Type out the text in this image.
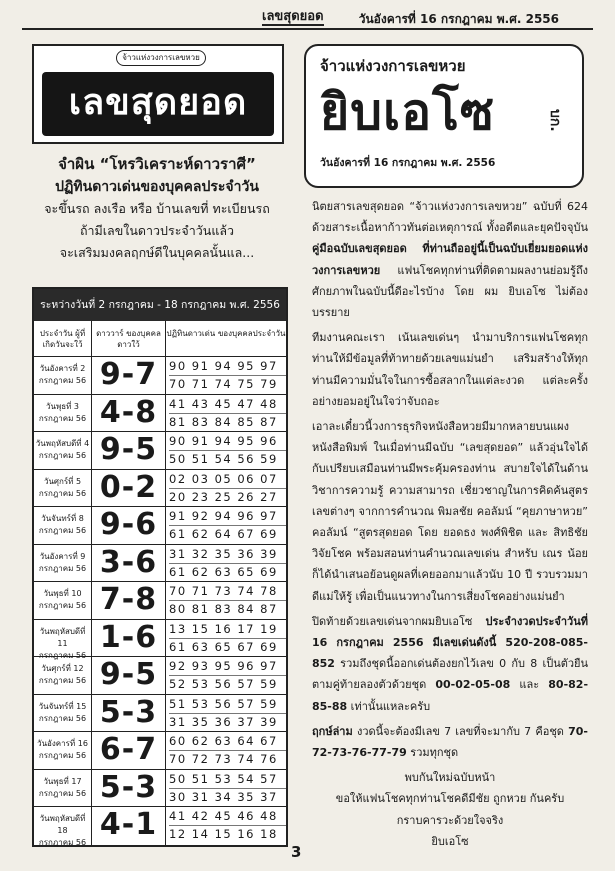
เลขสุดยอด	วันอังคารที่ 16 กรกฎาคม พ.ศ. 2556
จ้าวแห่งวงการเลขหวย
เลขสุดยอด
จำผิน “โหรวิเคราะห์ดาวราศี”
ปฏิทินดาวเด่นของบุคคลประจำวัน
จะขึ้นรถ ลงเรือ หรือ บ้านเลขที่ ทะเบียนรถ
ถ้ามีเลขในดาวประจำวันแล้ว
จะเสริมมงคลฤกษ์ดีในบุคคลนั้นแล...
ระหว่างวันที่ 2 กรกฎาคม - 18 กรกฎาคม พ.ศ. 2556
ประจำวัน ผู้ที่เกิดวันจะใว้
ดาววาร์ ของบุคคลดาวใว้
ปฏิทินดาวเด่น ของบุคคลประจำวัน
วันอังคารที่ 2
กรกฎาคม 56 9-7	90 91 94 95 97
70 71 74 75 79
วันพุธที่ 3
กรกฎาคม 56 4-8	41 43 45 47 48
81 83 84 85 87
วันพฤหัสบดีที่ 4
กรกฎาคม 56 9-5	90 91 94 95 96
50 51 54 56 59
วันศุกร์ที่ 5
กรกฎาคม 56 0-2	02 03 05 06 07
20 23 25 26 27
วันจันทร์ที่ 8
กรกฎาคม 56 9-6	91 92 94 96 97
61 62 64 67 69
วันอังคารที่ 9
กรกฎาคม 56 3-6	31 32 35 36 39
61 62 63 65 69
วันพุธที่ 10
กรกฎาคม 56 7-8	70 71 73 74 78
80 81 83 84 87
วันพฤหัสบดีที่ 11
กรกฎาคม 56
1-6	13 15 16 17 19
61 63 65 67 69
วันศุกร์ที่ 12
กรกฎาคม 56 9-5	92 93 95 96 97
52 53 56 57 59
วันจันทร์ที่ 15
กรกฎาคม 56 5-3	51 53 56 57 59
31 35 36 37 39
วันอังคารที่ 16
กรกฎาคม 56 6-7	60 62 63 64 67
70 72 73 74 76
วันพุธที่ 17
กรกฎาคม 56 5-3	50 51 53 54 57
30 31 34 35 37
วันพฤหัสบดีที่ 18
กรกฎาคม 56
4-1	41 42 45 46 48
12 14 15 16 18
จ้าวแห่งวงการเลขหวย
ยิบเอโซ	บก.
วันอังคารที่ 16 กรกฎาคม พ.ศ. 2556

นิตยสารเลขสุดยอด “จ้าวแห่งวงการเลขหวย” ฉบับที่ 624 ด้วยสาระเนื้อหาก้าวทันต่อเหตุการณ์ ทั้งอดีตและยุคปัจจุบัน คู่มือฉบับเลขสุดยอด ที่ท่านถืออยู่นี้เป็นฉบับเยี่ยมยอดแห่งวงการเลขหวย แฟนโชคทุกท่านที่ติดตามผลงานย่อมรู้ถึงศักยภาพในฉบับนี้ดีอะไรบ้าง โดย ผม ยิบเอโซ ไม่ต้องบรรยาย

ทีมงานคณะเรา เน้นเลขเด่นๆ นำมาบริการแฟนโชคทุกท่านให้มีข้อมูลที่ท้าทายด้วยเลขแม่นยำ เสริมสร้างให้ทุกท่านมีความมั่นใจในการซื้อสลากในแต่ละงวด แต่ละครั้งอย่างยอมอยู่ในใจว่าจับถอะ

เอาละเดี๋ยวนี้วงการธุรกิจหนังสือหวยมีมากหลายบนแผงหนังสือพิมพ์ ในเมื่อท่านมีฉบับ “เลขสุดยอด” แล้วอุ่นใจได้กับเปรียบเสมือนท่านมีพระคุ้มครองท่าน สบายใจได้ในด้านวิชาการความรู้ ความสามารถ เชี่ยวชาญในการคิดค้นสูตรเลขต่างๆ จากการคำนวณ พิมลชัย คอลัมน์ “คุยภาษาหวย” คอลัมน์ “สูตรสุดยอด โดย ยอดธง พงศ์พิชิต และ สิทธิชัย วิจัยโชค พร้อมสอนท่านคำนวณเลขเด่น สำหรับ เณร น้อย ก็ได้นำเสนอย้อนดูผลที่เคยออกมาแล้วนับ 10 ปี รวบรวมมาดีแม่ให้รู้ เพื่อเป็นแนวทางในการเสี่ยงโชคอย่างแม่นยำ

ปิดท้ายด้วยเลขเด่นจากผมยิบเอโซ ประจำงวดประจำวันที่ 16 กรกฎาคม 2556 มีเลขเด่นดังนี้ 520-208-085-852 รวมถึงชุดนี้ออกเด่นต้องยกไว้เลข 0 กับ 8 เป็นตัวยืน ตามคู่ท้ายลองตัวด้วยชุด 00-02-05-08 และ 80-82-85-88 เท่านั้นแหละครับ

ฤกษ์ล่าม งวดนี้จะต้องมีเลข 7 เลขที่จะมากับ 7 คือชุด 70-72-73-76-77-79 รวมทุกชุด

พบกันใหม่ฉบับหน้า
ขอให้แฟนโชคทุกท่านโชคดีมีชัย ถูกหวย กันครับ
กราบคารวะด้วยใจจริง
ยิบเอโซ
3
